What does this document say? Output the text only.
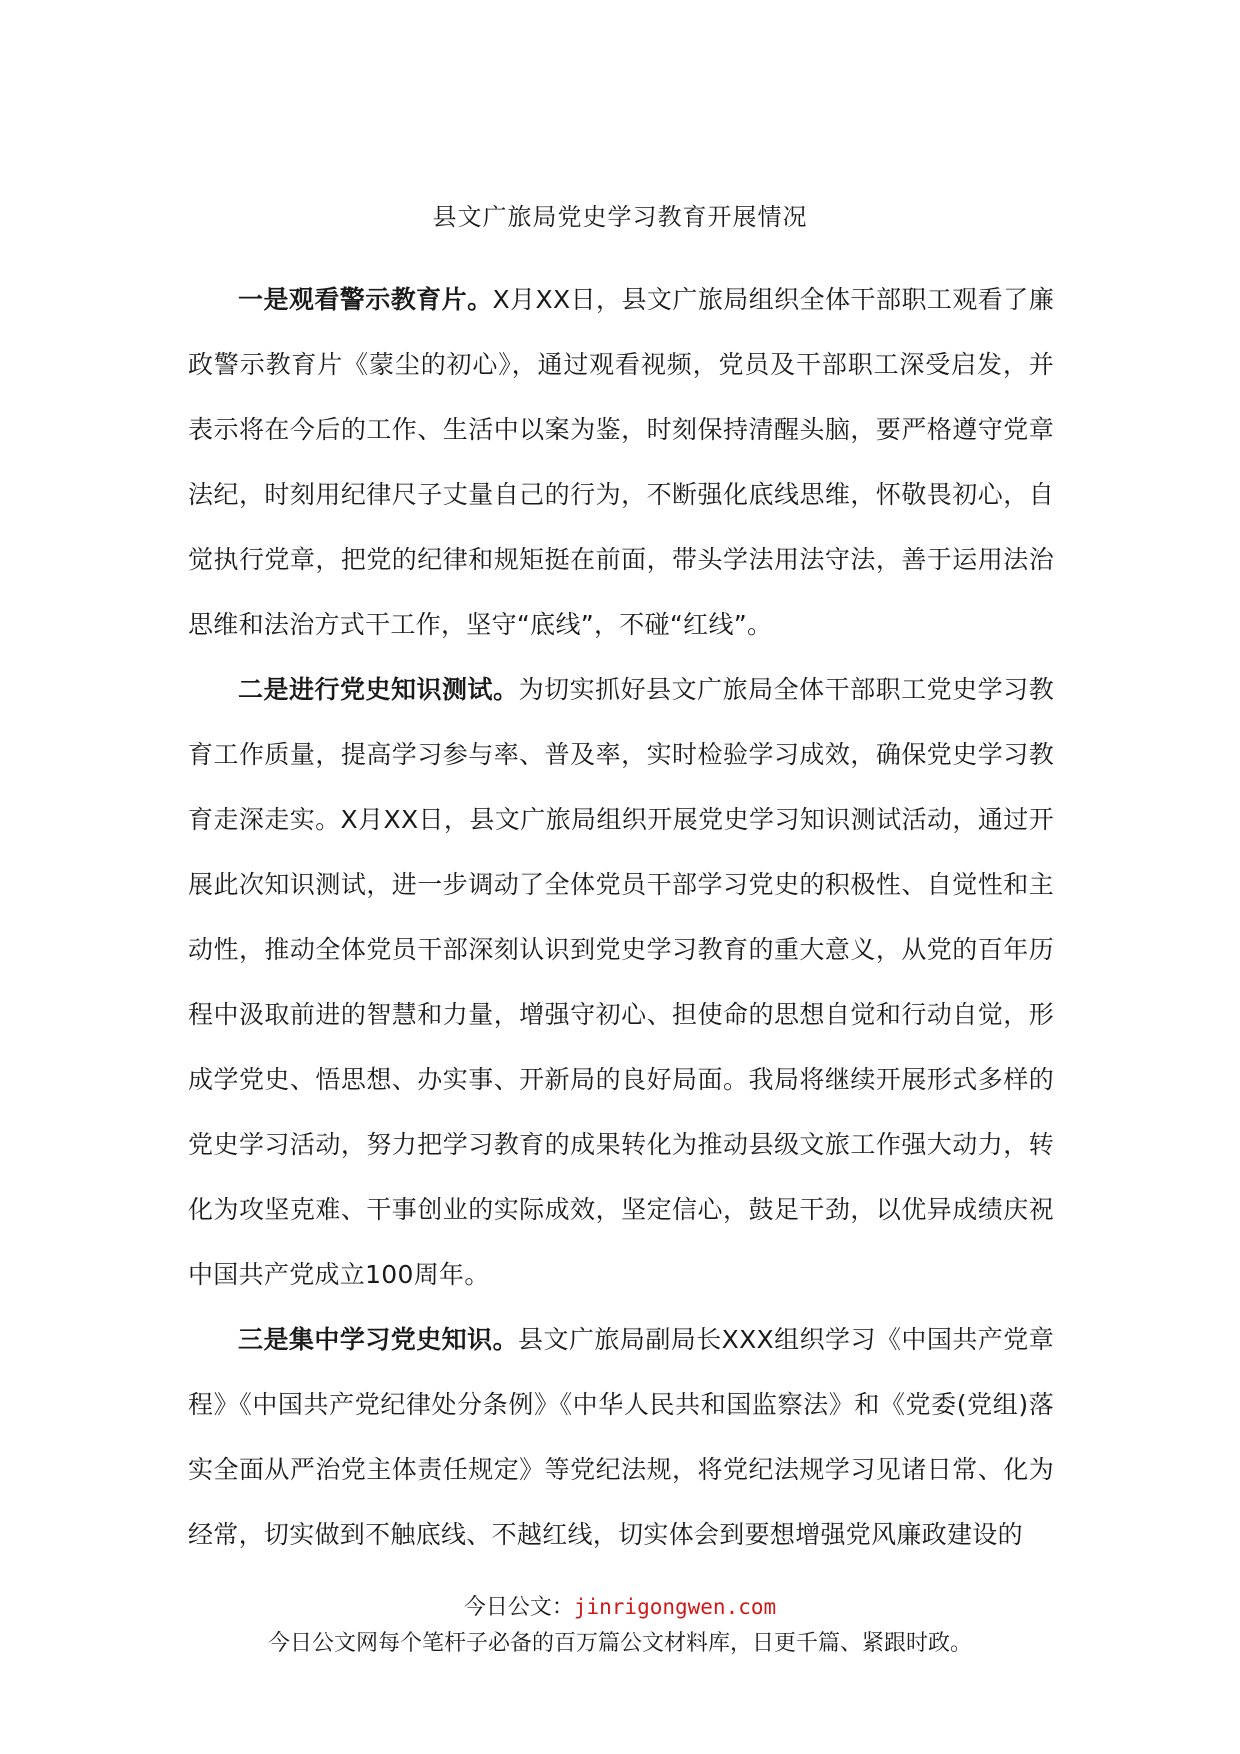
县文广旅局党史学习教育开展情况

一是观看警示教育片。X月XX日，县文广旅局组织全体干部职工观看了廉政警示教育片《蒙尘的初心》，通过观看视频，党员及干部职工深受启发，并表示将在今后的工作、生活中以案为鉴，时刻保持清醒头脑，要严格遵守党章法纪，时刻用纪律尺子丈量自己的行为，不断强化底线思维，怀敬畏初心，自觉执行党章，把党的纪律和规矩挺在前面，带头学法用法守法，善于运用法治思维和法治方式干工作，坚守“底线”，不碰“红线”。

二是进行党史知识测试。为切实抓好县文广旅局全体干部职工党史学习教育工作质量，提高学习参与率、普及率，实时检验学习成效，确保党史学习教育走深走实。X月XX日，县文广旅局组织开展党史学习知识测试活动，通过开展此次知识测试，进一步调动了全体党员干部学习党史的积极性、自觉性和主动性，推动全体党员干部深刻认识到党史学习教育的重大意义，从党的百年历程中汲取前进的智慧和力量，增强守初心、担使命的思想自觉和行动自觉，形成学党史、悟思想、办实事、开新局的良好局面。我局将继续开展形式多样的党史学习活动，努力把学习教育的成果转化为推动县级文旅工作强大动力，转化为攻坚克难、干事创业的实际成效，坚定信心，鼓足干劲，以优异成绩庆祝中国共产党成立100周年。

三是集中学习党史知识。县文广旅局副局长XXX组织学习《中国共产党章程》《中国共产党纪律处分条例》《中华人民共和国监察法》和《党委(党组)落实全面从严治党主体责任规定》等党纪法规，将党纪法规学习见诸日常、化为经常，切实做到不触底线、不越红线，切实体会到要想增强党风廉政建设的

今日公文：jinrigongwen.com
今日公文网每个笔杆子必备的百万篇公文材料库，日更千篇、紧跟时政。
